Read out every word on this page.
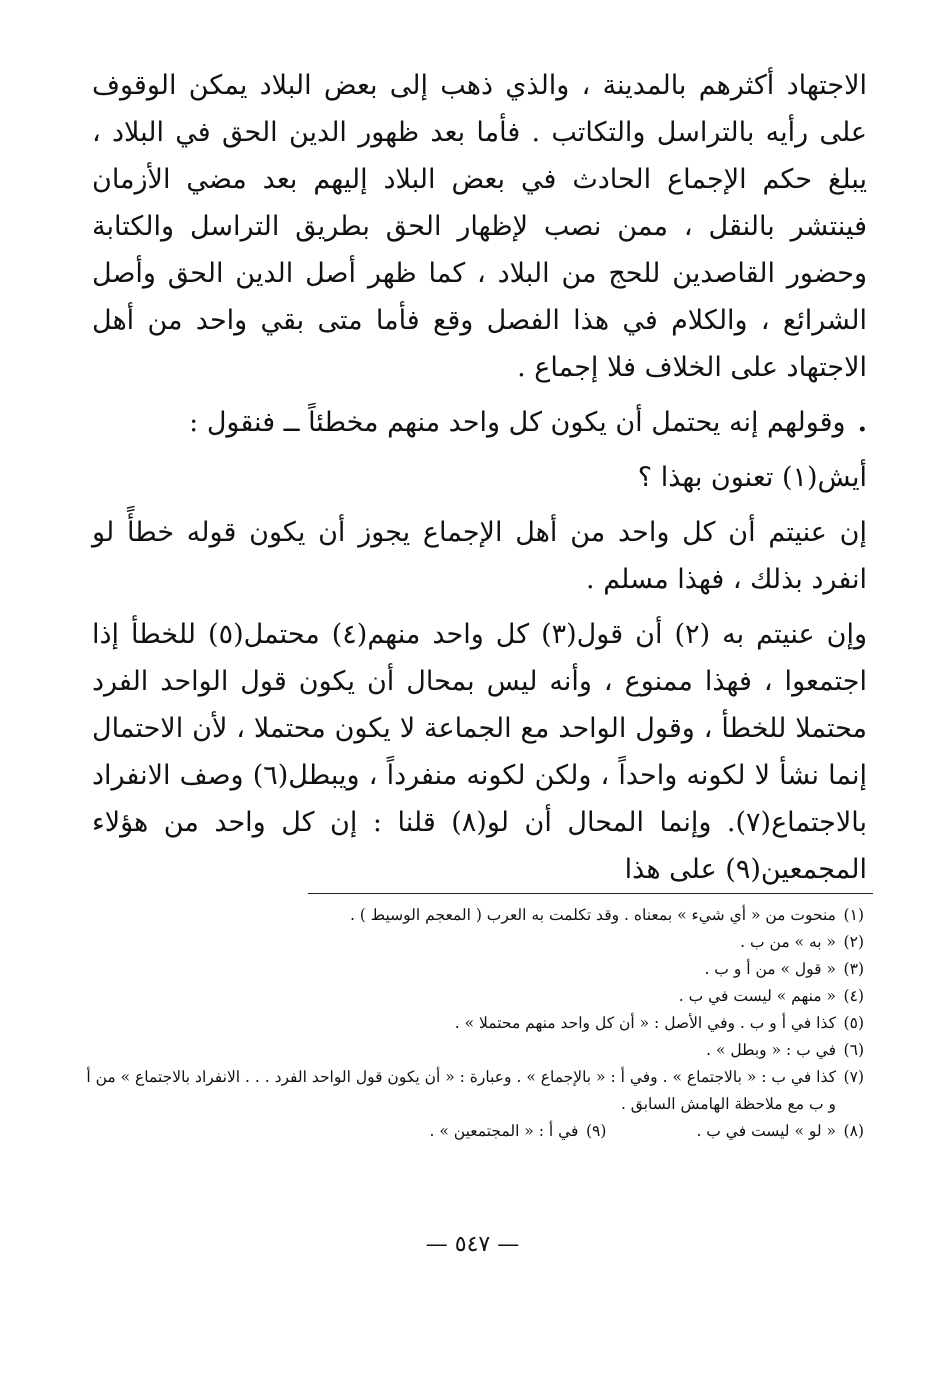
الاجتهاد أكثرهم بالمدينة ، والذي ذهب إلى بعض البلاد يمكن الوقوف على رأيه بالتراسل والتكاتب . فأما بعد ظهور الدين الحق في البلاد ، يبلغ حكم الإجماع الحادث في بعض البلاد إليهم بعد مضي الأزمان فينتشر بالنقل ، ممن نصب لإظهار الحق بطريق التراسل والكتابة وحضور القاصدين للحج من البلاد ، كما ظهر أصل الدين الحق وأصل الشرائع ، والكلام في هذا الفصل وقع فأما متى بقي واحد من أهل الاجتهاد على الخلاف فلا إجماع .

.وقولهم إنه يحتمل أن يكون كل واحد منهم مخطئاً ــ فنقول :

أيش(١) تعنون بهذا ؟

إن عنيتم أن كل واحد من أهل الإجماع يجوز أن يكون قوله خطأً لو انفرد بذلك ، فهذا مسلم .

وإن عنيتم به (٢) أن قول(٣) كل واحد منهم(٤) محتمل(٥) للخطأ إذا اجتمعوا ، فهذا ممنوع ، وأنه ليس بمحال أن يكون قول الواحد الفرد محتملا للخطأ ، وقول الواحد مع الجماعة لا يكون محتملا ، لأن الاحتمال إنما نشأ لا لكونه واحداً ، ولكن لكونه منفرداً ، ويبطل(٦) وصف الانفراد بالاجتماع(٧). وإنما المحال أن لو(٨) قلنا : إن كل واحد من هؤلاء المجمعين(٩) على هذا

(١)
منحوت من « أي شيء » بمعناه . وقد تكلمت به العرب ( المعجم الوسيط ) .

(٢)
« به » من ب .

(٣)
« قول » من أ و ب .

(٤)
« منهم » ليست في ب .

(٥)
كذا في أ و ب . وفي الأصل : « أن كل واحد منهم محتملا » .

(٦)
في ب : « وبطل » .

(٧)
كذا في ب : « بالاجتماع » . وفي أ : « بالإجماع » . وعبارة : « أن يكون قول الواحد الفرد . . . الانفراد بالاجتماع » من أ و ب مع ملاحظة الهامش السابق .

(٨)
« لو » ليست في ب .

(٩)
في أ : « المجتمعين » .

— ٥٤٧ —
